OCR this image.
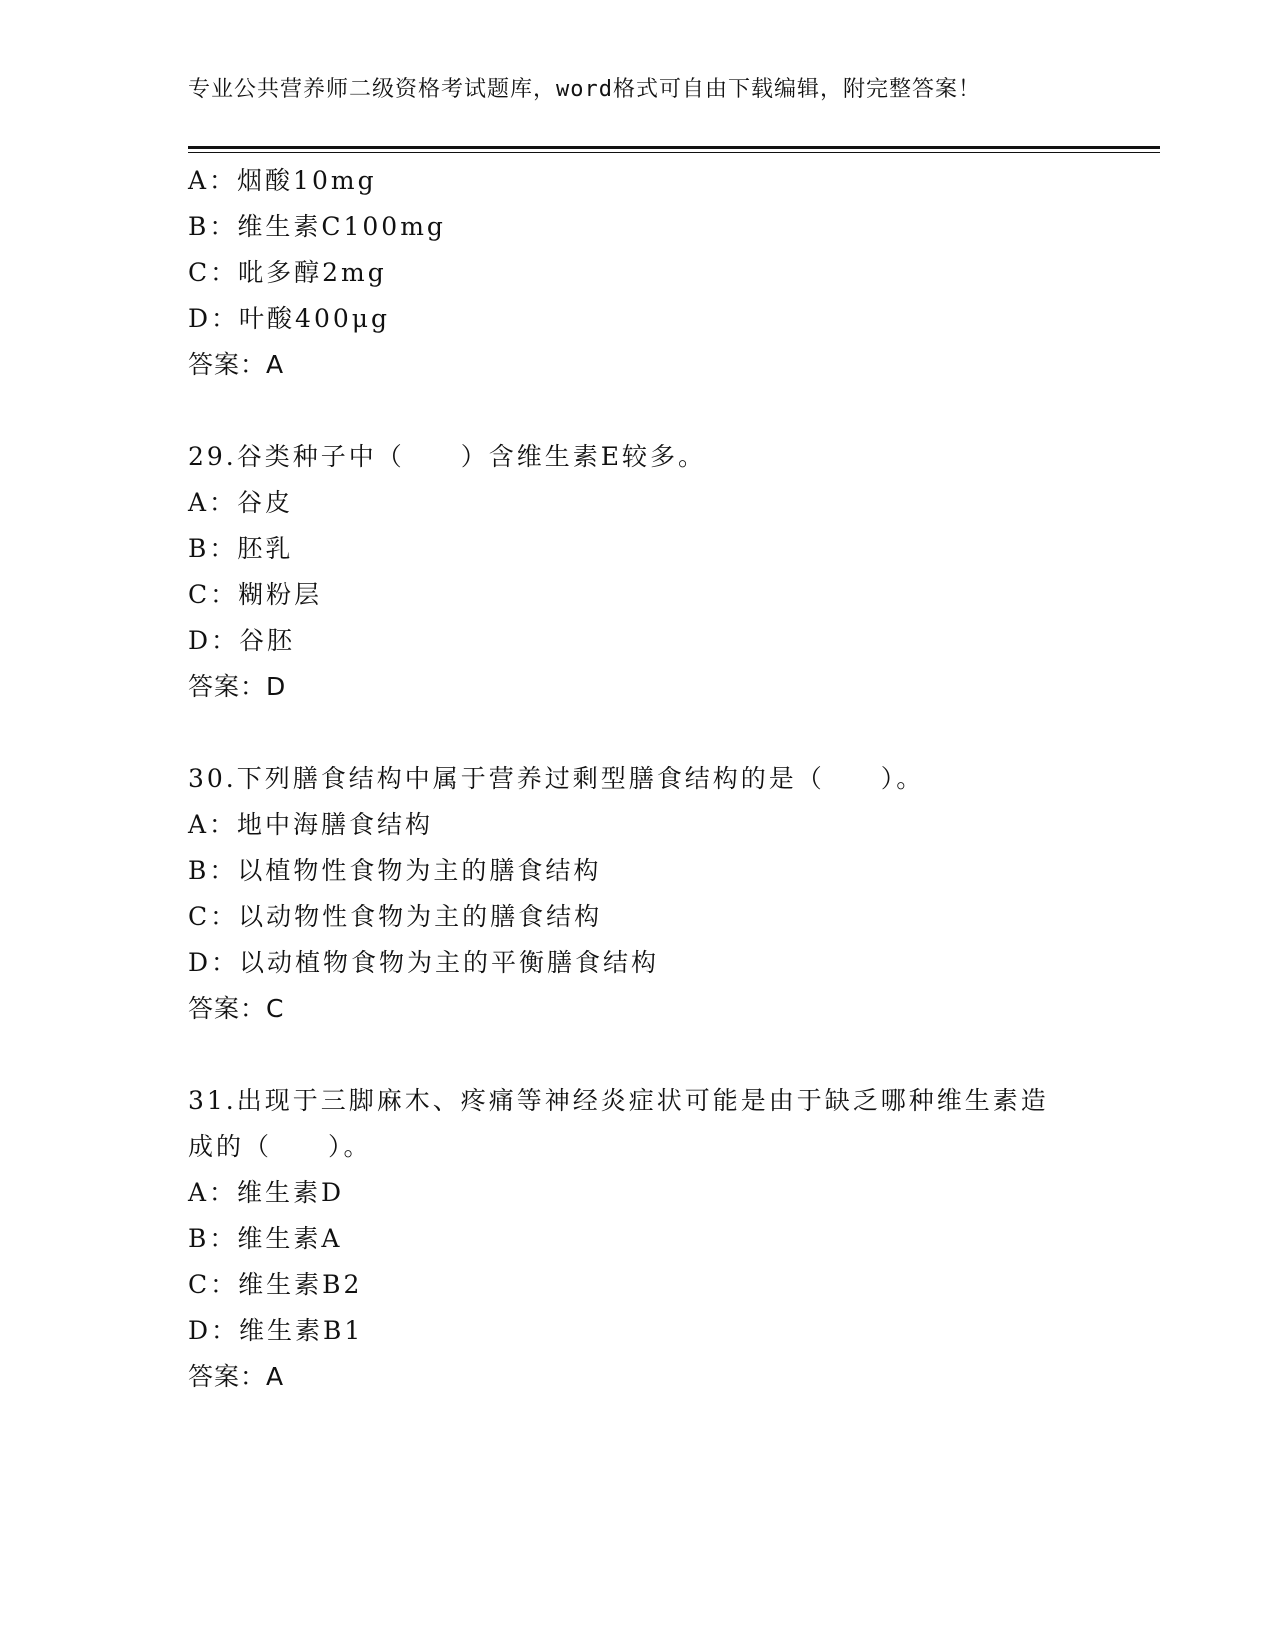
专业公共营养师二级资格考试题库，word格式可自由下载编辑，附完整答案！
A：烟酸10mg
B：维生素C100mg
C：吡多醇2mg
D：叶酸400μg
答案：A
29.谷类种子中（　　）含维生素E较多。
A：谷皮
B：胚乳
C：糊粉层
D：谷胚
答案：D
30.下列膳食结构中属于营养过剩型膳食结构的是（　　）。
A：地中海膳食结构
B：以植物性食物为主的膳食结构
C：以动物性食物为主的膳食结构
D：以动植物食物为主的平衡膳食结构
答案：C
31.出现于三脚麻木、疼痛等神经炎症状可能是由于缺乏哪种维生素造
成的（　　）。
A：维生素D
B：维生素A
C：维生素B2
D：维生素B1
答案：A
